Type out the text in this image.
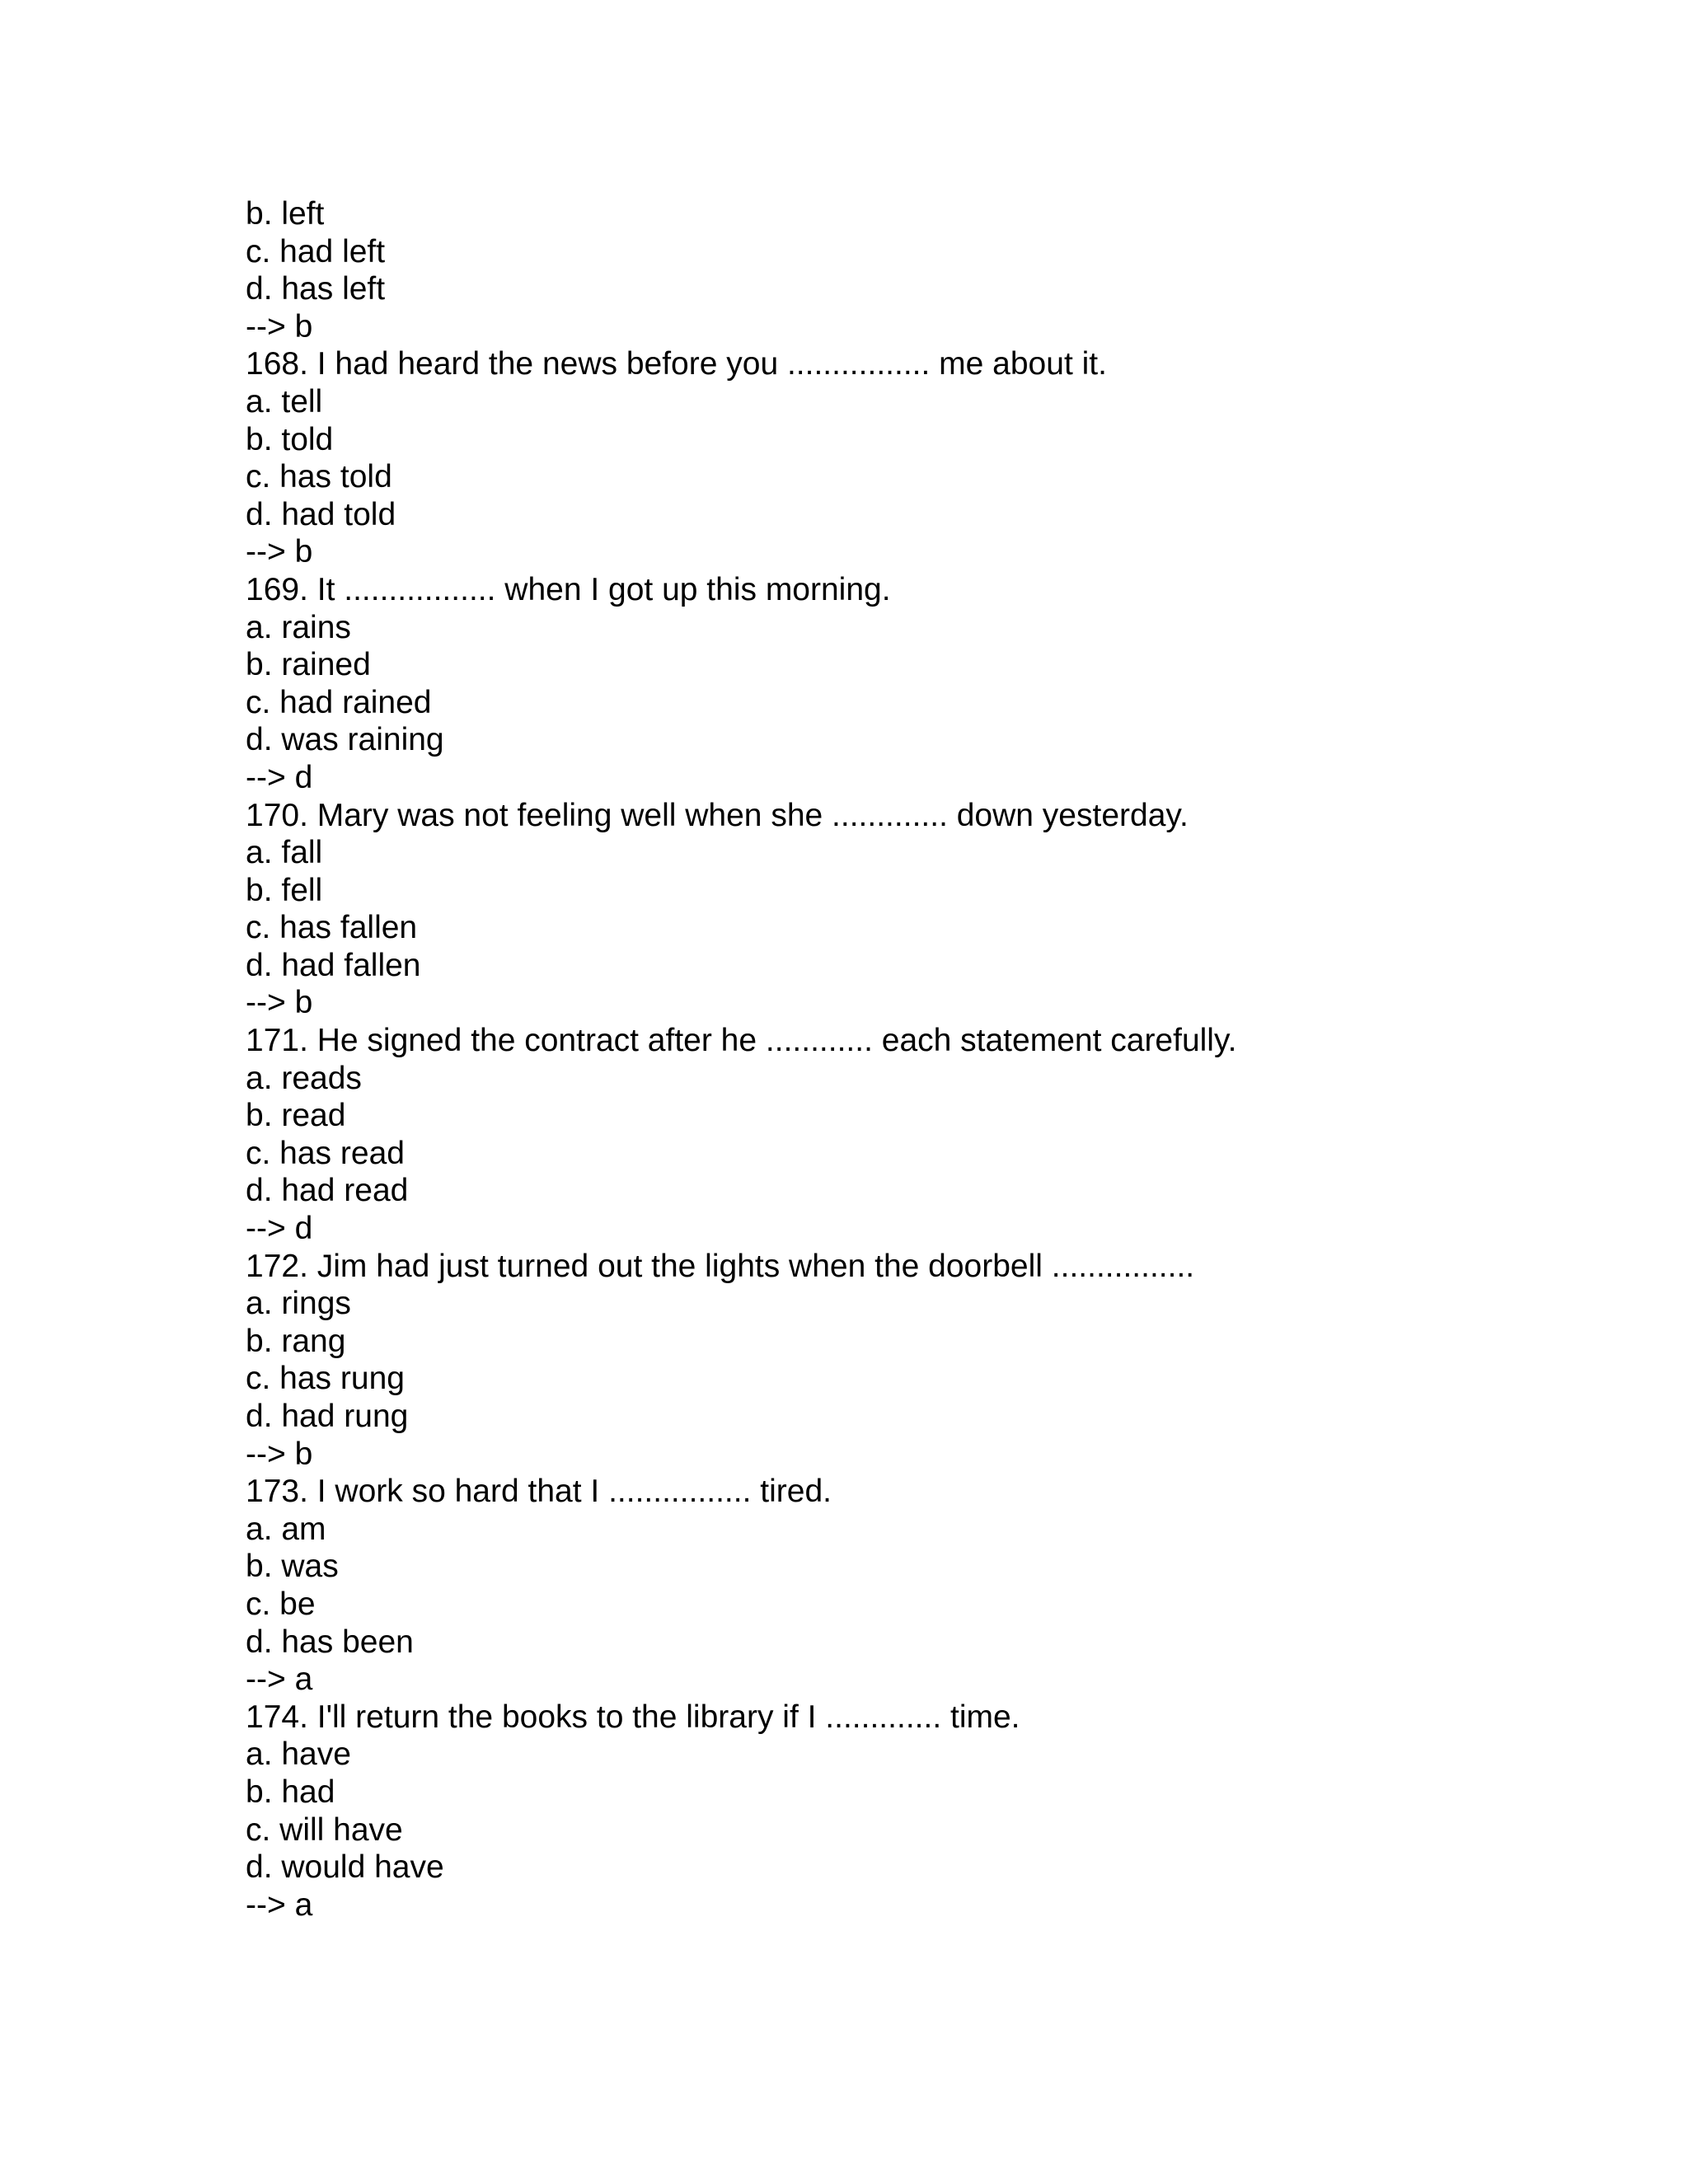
b. left
c. had left
d. has left
--> b
168. I had heard the news before you ................ me about it.
a. tell
b. told
c. has told
d. had told
--> b
169. It ................. when I got up this morning.
a. rains
b. rained
c. had rained
d. was raining
--> d
170. Mary was not feeling well when she ............. down yesterday.
a. fall
b. fell
c. has fallen
d. had fallen
--> b
171. He signed the contract after he ............ each statement carefully.
a. reads
b. read
c. has read
d. had read
--> d
172. Jim had just turned out the lights when the doorbell ................
a. rings
b. rang
c. has rung
d. had rung
--> b
173. I work so hard that I ................ tired.
a. am
b. was
c. be
d. has been
--> a
174. I'll return the books to the library if I ............. time.
a. have
b. had
c. will have
d. would have
--> a
